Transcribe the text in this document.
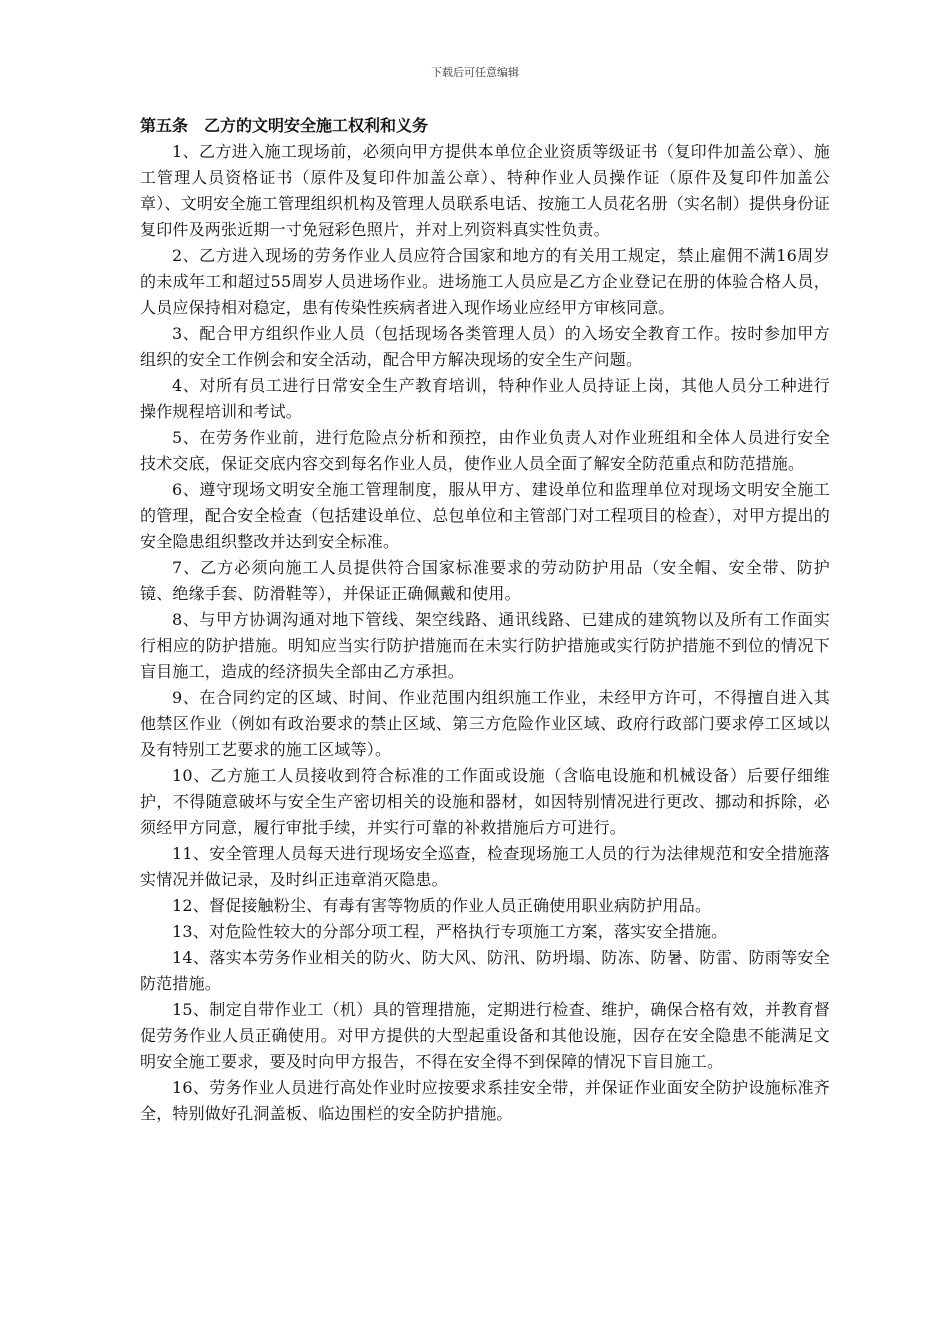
下载后可任意编辑
第五条　乙方的文明安全施工权利和义务

1、乙方进入施工现场前，必须向甲方提供本单位企业资质等级证书（复印件加盖公章）、施工管理人员资格证书（原件及复印件加盖公章）、特种作业人员操作证（原件及复印件加盖公章）、文明安全施工管理组织机构及管理人员联系电话、按施工人员花名册（实名制）提供身份证复印件及两张近期一寸免冠彩色照片，并对上列资料真实性负责。

2、乙方进入现场的劳务作业人员应符合国家和地方的有关用工规定，禁止雇佣不满16周岁的未成年工和超过55周岁人员进场作业。进场施工人员应是乙方企业登记在册的体验合格人员，人员应保持相对稳定，患有传染性疾病者进入现作场业应经甲方审核同意。

3、配合甲方组织作业人员（包括现场各类管理人员）的入场安全教育工作。按时参加甲方组织的安全工作例会和安全活动，配合甲方解决现场的安全生产问题。

4、对所有员工进行日常安全生产教育培训，特种作业人员持证上岗，其他人员分工种进行操作规程培训和考试。

5、在劳务作业前，进行危险点分析和预控，由作业负责人对作业班组和全体人员进行安全技术交底，保证交底内容交到每名作业人员，使作业人员全面了解安全防范重点和防范措施。

6、遵守现场文明安全施工管理制度，服从甲方、建设单位和监理单位对现场文明安全施工的管理，配合安全检查（包括建设单位、总包单位和主管部门对工程项目的检查），对甲方提出的安全隐患组织整改并达到安全标准。

7、乙方必须向施工人员提供符合国家标准要求的劳动防护用品（安全帽、安全带、防护镜、绝缘手套、防滑鞋等），并保证正确佩戴和使用。

8、与甲方协调沟通对地下管线、架空线路、通讯线路、已建成的建筑物以及所有工作面实行相应的防护措施。明知应当实行防护措施而在未实行防护措施或实行防护措施不到位的情况下盲目施工，造成的经济损失全部由乙方承担。

9、在合同约定的区域、时间、作业范围内组织施工作业，未经甲方许可，不得擅自进入其他禁区作业（例如有政治要求的禁止区域、第三方危险作业区域、政府行政部门要求停工区域以及有特别工艺要求的施工区域等）。

10、乙方施工人员接收到符合标准的工作面或设施（含临电设施和机械设备）后要仔细维护，不得随意破坏与安全生产密切相关的设施和器材，如因特别情况进行更改、挪动和拆除，必须经甲方同意，履行审批手续，并实行可靠的补救措施后方可进行。

11、安全管理人员每天进行现场安全巡查，检查现场施工人员的行为法律规范和安全措施落实情况并做记录，及时纠正违章消灭隐患。

12、督促接触粉尘、有毒有害等物质的作业人员正确使用职业病防护用品。

13、对危险性较大的分部分项工程，严格执行专项施工方案，落实安全措施。

14、落实本劳务作业相关的防火、防大风、防汛、防坍塌、防冻、防暑、防雷、防雨等安全防范措施。

15、制定自带作业工（机）具的管理措施，定期进行检查、维护，确保合格有效，并教育督促劳务作业人员正确使用。对甲方提供的大型起重设备和其他设施，因存在安全隐患不能满足文明安全施工要求，要及时向甲方报告，不得在安全得不到保障的情况下盲目施工。

16、劳务作业人员进行高处作业时应按要求系挂安全带，并保证作业面安全防护设施标准齐全，特别做好孔洞盖板、临边围栏的安全防护措施。
